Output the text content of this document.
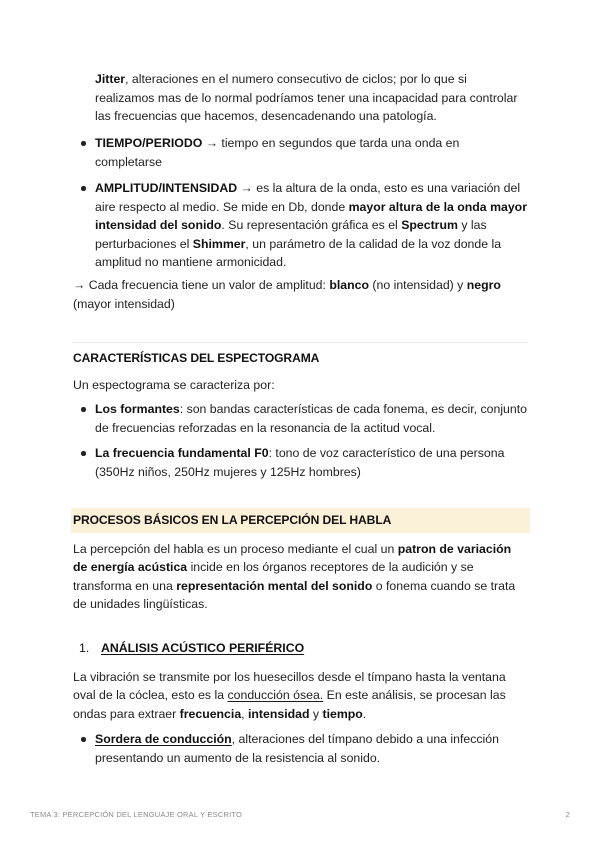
Jitter, alteraciones en el numero consecutivo de ciclos; por lo que si realizamos mas de lo normal podríamos tener una incapacidad para controlar las frecuencias que hacemos, desencadenando una patología.

TIEMPO/PERIODO → tiempo en segundos que tarda una onda en completarse
AMPLITUD/INTENSIDAD → es la altura de la onda, esto es una variación del aire respecto al medio. Se mide en Db, donde mayor altura de la onda mayor intensidad del sonido. Su representación gráfica es el Spectrum y las perturbaciones el Shimmer, un parámetro de la calidad de la voz donde la amplitud no mantiene armonicidad.

→ Cada frecuencia tiene un valor de amplitud: blanco (no intensidad) y negro (mayor intensidad)

CARACTERÍSTICAS DEL ESPECTOGRAMA

Un espectograma se caracteriza por:

Los formantes: son bandas características de cada fonema, es decir, conjunto de frecuencias reforzadas en la resonancia de la actitud vocal.
La frecuencia fundamental F0: tono de voz característico de una persona (350Hz niños, 250Hz mujeres y 125Hz hombres)
PROCESOS BÁSICOS EN LA PERCEPCIÓN DEL HABLA

La percepción del habla es un proceso mediante el cual un patron de variación de energía acústica incide en los órganos receptores de la audición y se transforma en una representación mental del sonido o fonema cuando se trata de unidades lingüísticas.

1. ANÁLISIS ACÚSTICO PERIFÉRICO

La vibración se transmite por los huesecillos desde el tímpano hasta la ventana oval de la cóclea, esto es la conducción ósea. En este análisis, se procesan las ondas para extraer frecuencia, intensidad y tiempo.

Sordera de conducción, alteraciones del tímpano debido a una infección presentando un aumento de la resistencia al sonido.
TEMA 3: PERCEPCIÓN DEL LENGUAJE ORAL Y ESCRITO	2
